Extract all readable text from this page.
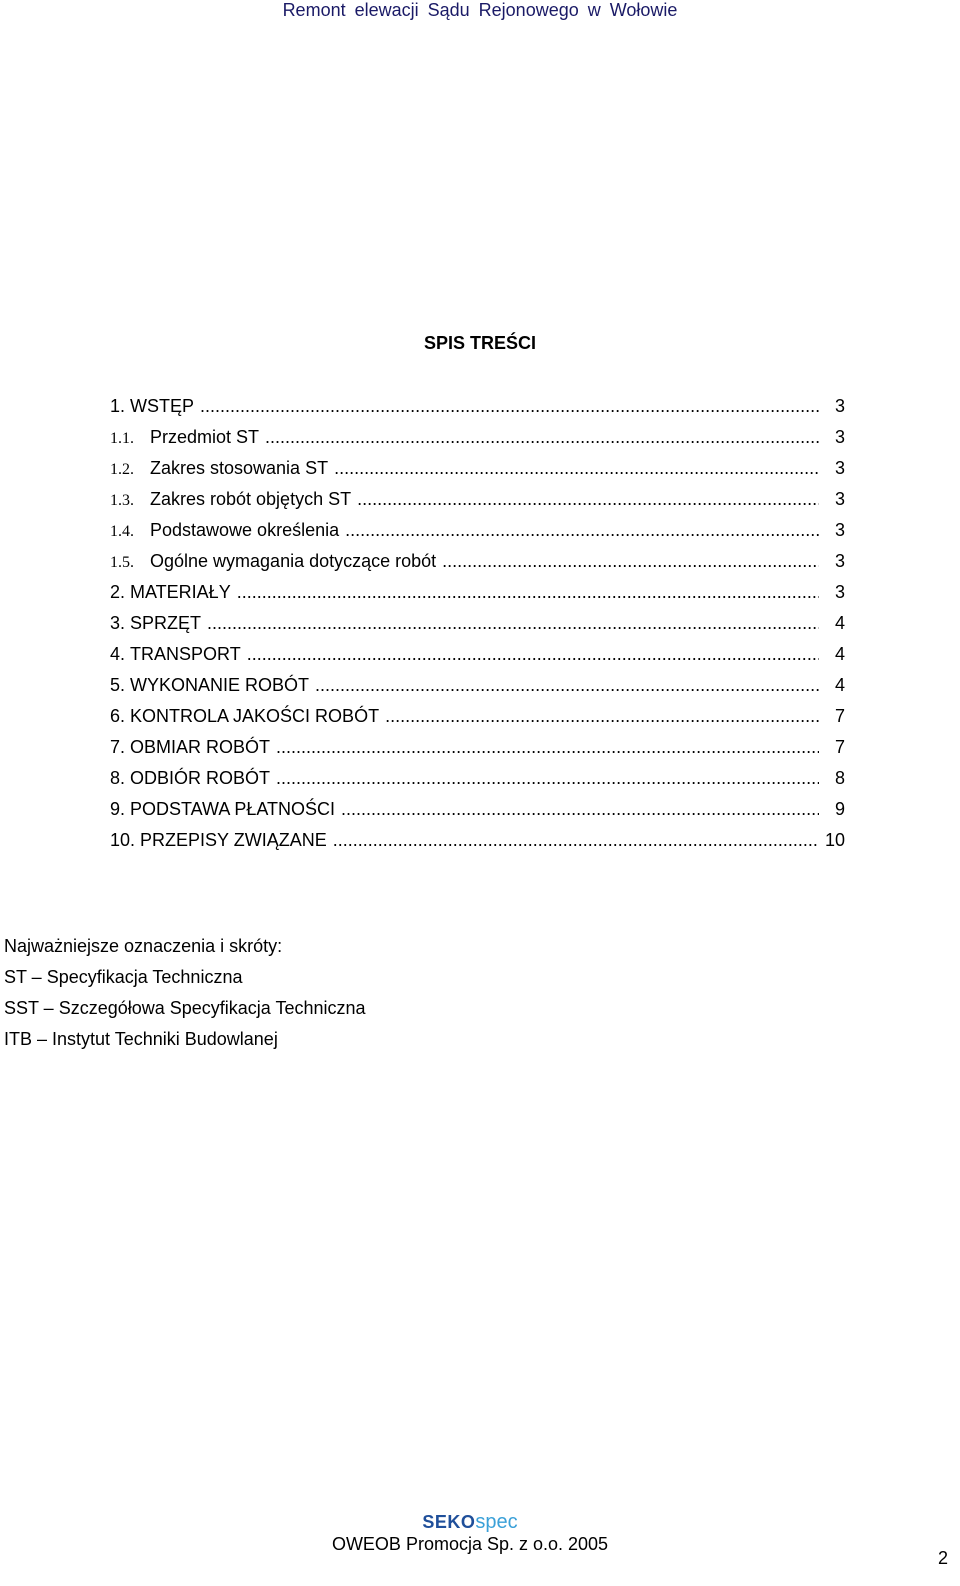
Remont elewacji Sądu Rejonowego w Wołowie
SPIS TREŚCI
1. WSTĘP .....	3
1.1. Przedmiot ST .....	3
1.2. Zakres stosowania ST .....	3
1.3. Zakres robót objętych ST .....	3
1.4. Podstawowe określenia .....	3
1.5. Ogólne wymagania dotyczące robót .....	3
2. MATERIAŁY .....	3
3. SPRZĘT .....	4
4. TRANSPORT .....	4
5. WYKONANIE ROBÓT .....	4
6. KONTROLA JAKOŚCI ROBÓT .....	7
7. OBMIAR ROBÓT .....	7
8. ODBIÓR ROBÓT .....	8
9. PODSTAWA PŁATNOŚCI .....	9
10. PRZEPISY ZWIĄZANE .....	10
Najważniejsze oznaczenia i skróty:
ST – Specyfikacja Techniczna
SST – Szczegółowa Specyfikacja Techniczna
ITB – Instytut Techniki Budowlanej
SEKOspec
OWEOB Promocja Sp. z o.o. 2005
2
